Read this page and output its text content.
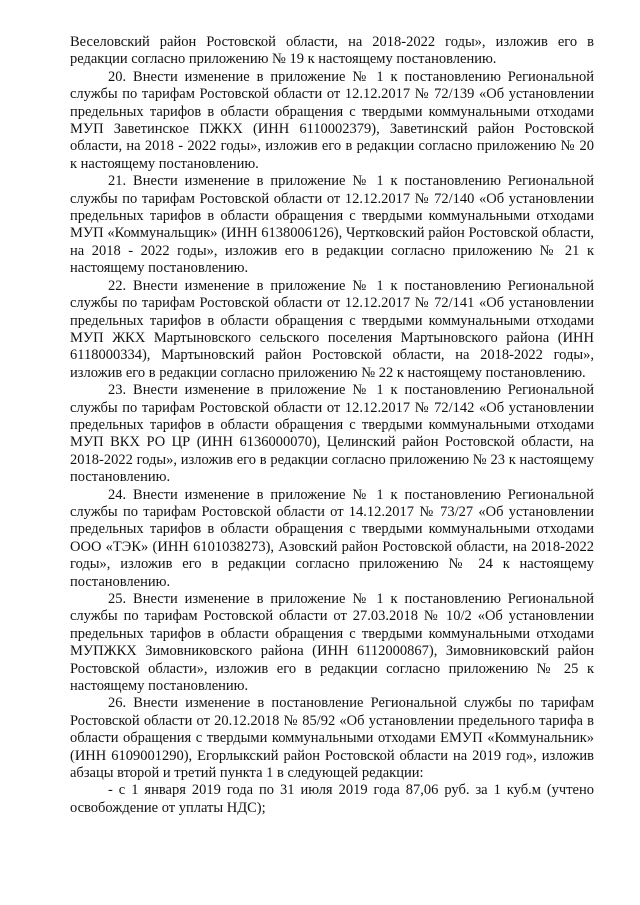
Веселовский район Ростовской области, на 2018-2022 годы», изложив его в редакции согласно приложению № 19 к настоящему постановлению.

20. Внести изменение в приложение № 1 к постановлению Региональной службы по тарифам Ростовской области от 12.12.2017 № 72/139 «Об установлении предельных тарифов в области обращения с твердыми коммунальными отходами МУП Заветинское ПЖКХ (ИНН 6110002379), Заветинский район Ростовской области, на 2018 - 2022 годы», изложив его в редакции согласно приложению № 20 к настоящему постановлению.

21. Внести изменение в приложение № 1 к постановлению Региональной службы по тарифам Ростовской области от 12.12.2017 № 72/140 «Об установлении предельных тарифов в области обращения с твердыми коммунальными отходами МУП «Коммунальщик» (ИНН 6138006126), Чертковский район Ростовской области, на 2018 - 2022 годы», изложив его в редакции согласно приложению № 21 к настоящему постановлению.

22. Внести изменение в приложение № 1 к постановлению Региональной службы по тарифам Ростовской области от 12.12.2017 № 72/141 «Об установлении предельных тарифов в области обращения с твердыми коммунальными отходами МУП ЖКХ Мартыновского сельского поселения Мартыновского района (ИНН 6118000334), Мартыновский район Ростовской области, на 2018-2022 годы», изложив его в редакции согласно приложению № 22 к настоящему постановлению.

23. Внести изменение в приложение № 1 к постановлению Региональной службы по тарифам Ростовской области от 12.12.2017 № 72/142 «Об установлении предельных тарифов в области обращения с твердыми коммунальными отходами МУП ВКХ РО ЦР (ИНН 6136000070), Целинский район Ростовской области, на 2018-2022 годы», изложив его в редакции согласно приложению № 23 к настоящему постановлению.

24. Внести изменение в приложение № 1 к постановлению Региональной службы по тарифам Ростовской области от 14.12.2017 № 73/27 «Об установлении предельных тарифов в области обращения с твердыми коммунальными отходами ООО «ТЭК» (ИНН 6101038273), Азовский район Ростовской области, на 2018-2022 годы», изложив его в редакции согласно приложению № 24 к настоящему постановлению.

25. Внести изменение в приложение № 1 к постановлению Региональной службы по тарифам Ростовской области от 27.03.2018 № 10/2 «Об установлении предельных тарифов в области обращения с твердыми коммунальными отходами МУПЖКХ Зимовниковского района (ИНН 6112000867), Зимовниковский район Ростовской области», изложив его в редакции согласно приложению № 25 к настоящему постановлению.

26. Внести изменение в постановление Региональной службы по тарифам Ростовской области от 20.12.2018 № 85/92 «Об установлении предельного тарифа в области обращения с твердыми коммунальными отходами ЕМУП «Коммунальник» (ИНН 6109001290), Егорлыкский район Ростовской области на 2019 год», изложив абзацы второй и третий пункта 1 в следующей редакции:

- с 1 января 2019 года по 31 июля 2019 года 87,06 руб. за 1 куб.м (учтено освобождение от уплаты НДС);
